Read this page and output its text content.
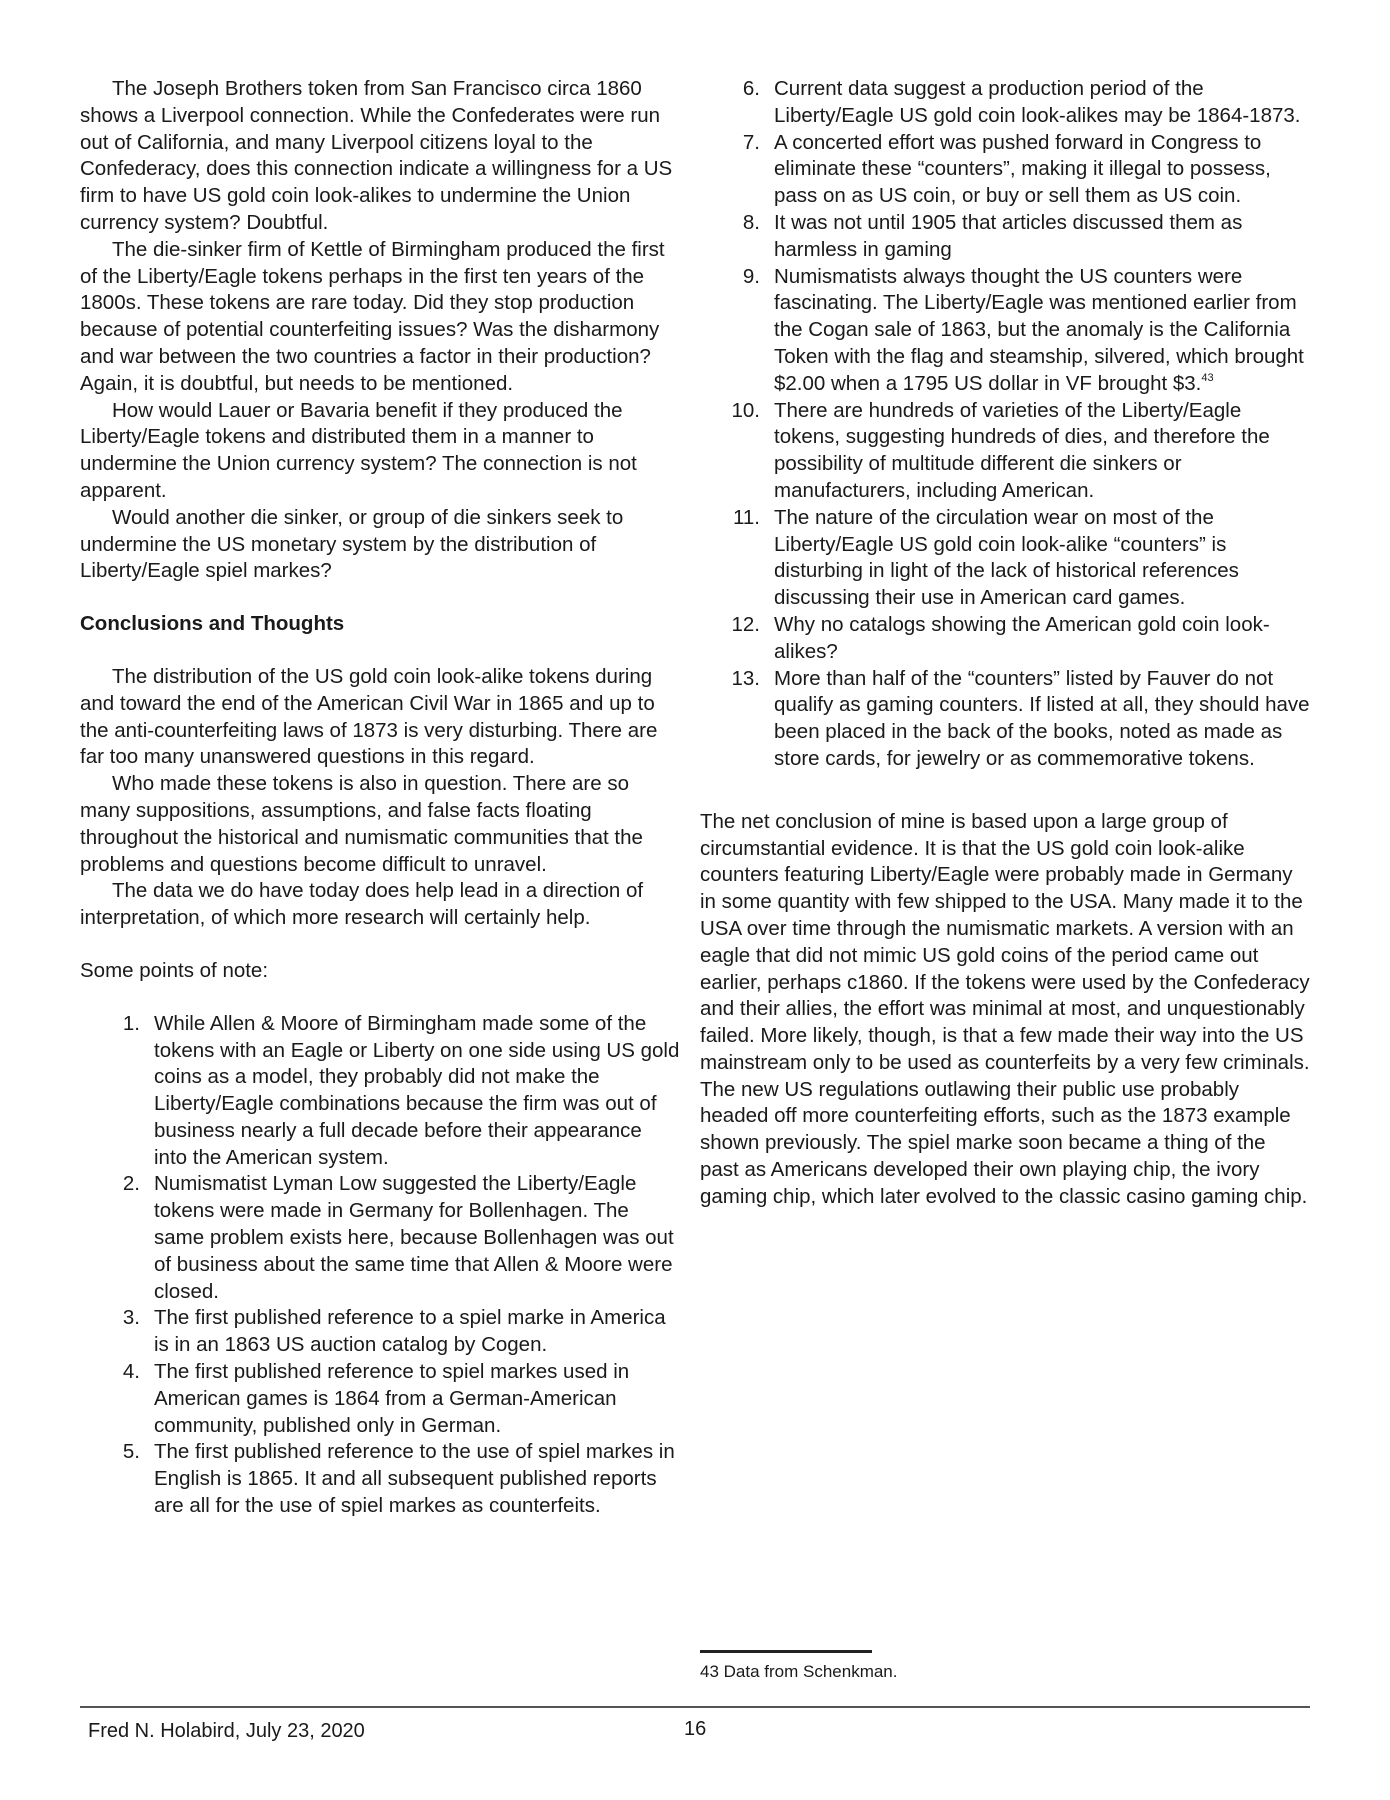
The Joseph Brothers token from San Francisco circa 1860 shows a Liverpool connection. While the Confederates were run out of California, and many Liverpool citizens loyal to the Confederacy, does this connection indicate a willingness for a US firm to have US gold coin look-alikes to undermine the Union currency system? Doubtful.

The die-sinker firm of Kettle of Birmingham produced the first of the Liberty/Eagle tokens perhaps in the first ten years of the 1800s. These tokens are rare today. Did they stop production because of potential counterfeiting issues? Was the disharmony and war between the two countries a factor in their production? Again, it is doubtful, but needs to be mentioned.

How would Lauer or Bavaria benefit if they produced the Liberty/Eagle tokens and distributed them in a manner to undermine the Union currency system? The connection is not apparent.

Would another die sinker, or group of die sinkers seek to undermine the US monetary system by the distribution of Liberty/Eagle spiel markes?

Conclusions and Thoughts

The distribution of the US gold coin look-alike tokens during and toward the end of the American Civil War in 1865 and up to the anti-counterfeiting laws of 1873 is very disturbing. There are far too many unanswered questions in this regard.

Who made these tokens is also in question. There are so many suppositions, assumptions, and false facts floating throughout the historical and numismatic communities that the problems and questions become difficult to unravel.

The data we do have today does help lead in a direction of interpretation, of which more research will certainly help.

Some points of note:

1. While Allen & Moore of Birmingham made some of the tokens with an Eagle or Liberty on one side using US gold coins as a model, they probably did not make the Liberty/Eagle combinations because the firm was out of business nearly a full decade before their appearance into the American system.
2. Numismatist Lyman Low suggested the Liberty/Eagle tokens were made in Germany for Bollenhagen. The same problem exists here, because Bollenhagen was out of business about the same time that Allen & Moore were closed.
3. The first published reference to a spiel marke in America is in an 1863 US auction catalog by Cogen.
4. The first published reference to spiel markes used in American games is 1864 from a German-American community, published only in German.
5. The first published reference to the use of spiel markes in English is 1865. It and all subsequent published reports are all for the use of spiel markes as counterfeits.
6. Current data suggest a production period of the Liberty/Eagle US gold coin look-alikes may be 1864-1873.
7. A concerted effort was pushed forward in Congress to eliminate these “counters”, making it illegal to possess, pass on as US coin, or buy or sell them as US coin.
8. It was not until 1905 that articles discussed them as harmless in gaming
9. Numismatists always thought the US counters were fascinating. The Liberty/Eagle was mentioned earlier from the Cogan sale of 1863, but the anomaly is the California Token with the flag and steamship, silvered, which brought $2.00 when a 1795 US dollar in VF brought $3.43
10. There are hundreds of varieties of the Liberty/Eagle tokens, suggesting hundreds of dies, and therefore the possibility of multitude different die sinkers or manufacturers, including American.
11. The nature of the circulation wear on most of the Liberty/Eagle US gold coin look-alike “counters” is disturbing in light of the lack of historical references discussing their use in American card games.
12. Why no catalogs showing the American gold coin look-alikes?
13. More than half of the “counters” listed by Fauver do not qualify as gaming counters. If listed at all, they should have been placed in the back of the books, noted as made as store cards, for jewelry or as commemorative tokens.

The net conclusion of mine is based upon a large group of circumstantial evidence. It is that the US gold coin look-alike counters featuring Liberty/Eagle were probably made in Germany in some quantity with few shipped to the USA. Many made it to the USA over time through the numismatic markets. A version with an eagle that did not mimic US gold coins of the period came out earlier, perhaps c1860. If the tokens were used by the Confederacy and their allies, the effort was minimal at most, and unquestionably failed. More likely, though, is that a few made their way into the US mainstream only to be used as counterfeits by a very few criminals. The new US regulations outlawing their public use probably headed off more counterfeiting efforts, such as the 1873 example shown previously. The spiel marke soon became a thing of the past as Americans developed their own playing chip, the ivory gaming chip, which later evolved to the classic casino gaming chip.

43 Data from Schenkman.
Fred N. Holabird, July 23, 2020	16
